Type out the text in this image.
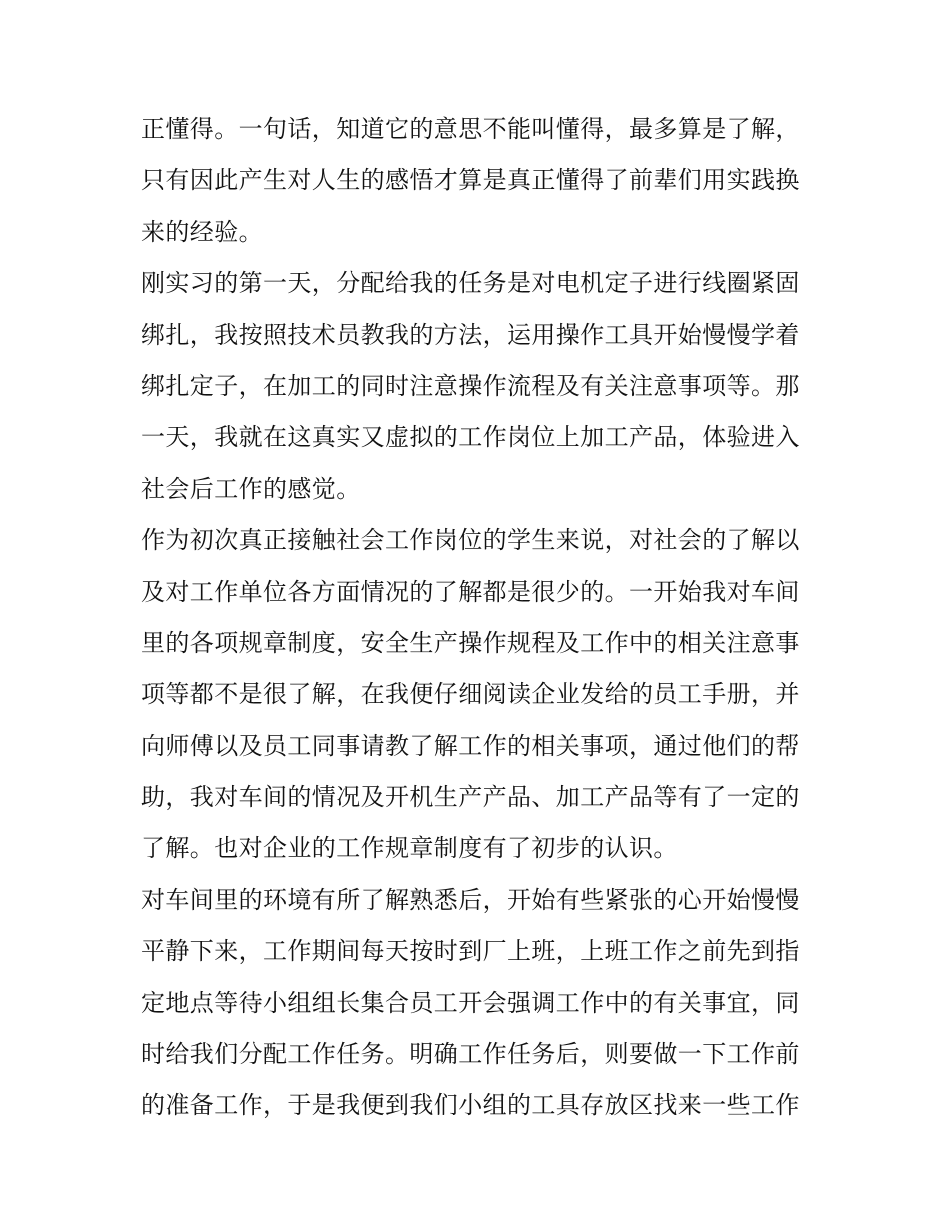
正懂得。一句话，知道它的意思不能叫懂得，最多算是了解，
只有因此产生对人生的感悟才算是真正懂得了前辈们用实践换
来的经验。

刚实习的第一天，分配给我的任务是对电机定子进行线圈紧固
绑扎，我按照技术员教我的方法，运用操作工具开始慢慢学着
绑扎定子，在加工的同时注意操作流程及有关注意事项等。那
一天，我就在这真实又虚拟的工作岗位上加工产品，体验进入
社会后工作的感觉。

作为初次真正接触社会工作岗位的学生来说，对社会的了解以
及对工作单位各方面情况的了解都是很少的。一开始我对车间
里的各项规章制度，安全生产操作规程及工作中的相关注意事
项等都不是很了解，在我便仔细阅读企业发给的员工手册，并
向师傅以及员工同事请教了解工作的相关事项，通过他们的帮
助，我对车间的情况及开机生产产品、加工产品等有了一定的
了解。也对企业的工作规章制度有了初步的认识。

对车间里的环境有所了解熟悉后，开始有些紧张的心开始慢慢
平静下来，工作期间每天按时到厂上班，上班工作之前先到指
定地点等待小组组长集合员工开会强调工作中的有关事宜，同
时给我们分配工作任务。明确工作任务后，则要做一下工作前
的准备工作，于是我便到我们小组的工具存放区找来一些工作
